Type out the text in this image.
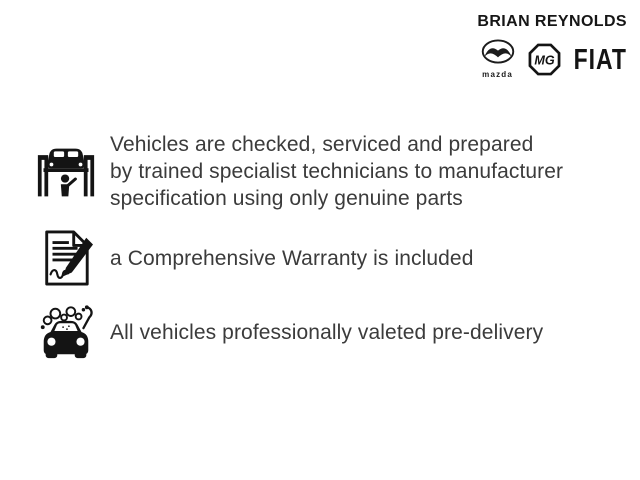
BRIAN REYNOLDS
mazda
MG FIAT
Vehicles are checked, serviced and prepared
by trained specialist technicians to manufacturer
specification using only genuine parts
a Comprehensive Warranty is included
All vehicles professionally valeted pre-delivery
